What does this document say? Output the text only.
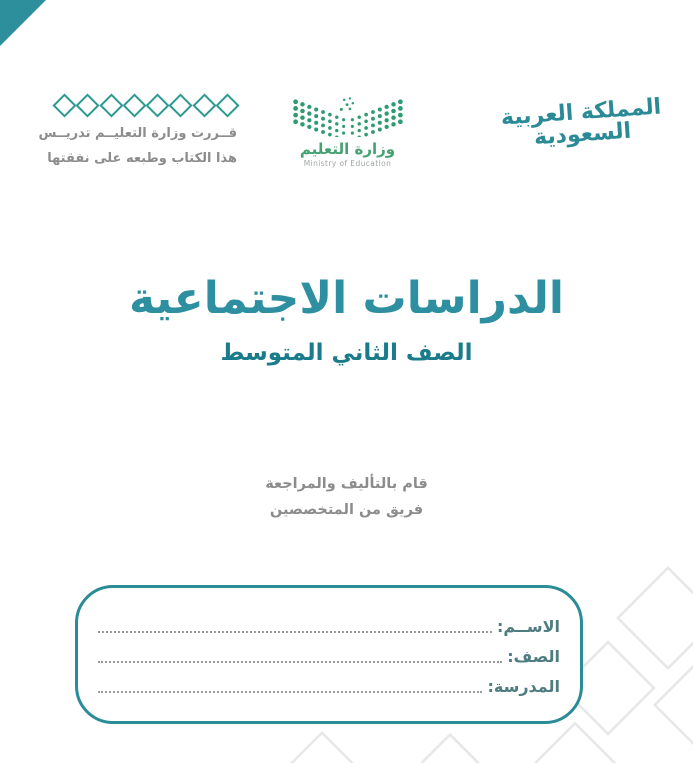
قــررت وزارة التعليــم تدريــس
هذا الكتاب وطبعه على نفقتها
وزارة التعليم
Ministry of Education
المملكة العربية السعودية
الدراسات الاجتماعية
الصف الثاني المتوسط
قام بالتأليف والمراجعة
فريق من المتخصصين
الاســم:
الصف:
المدرسة:
